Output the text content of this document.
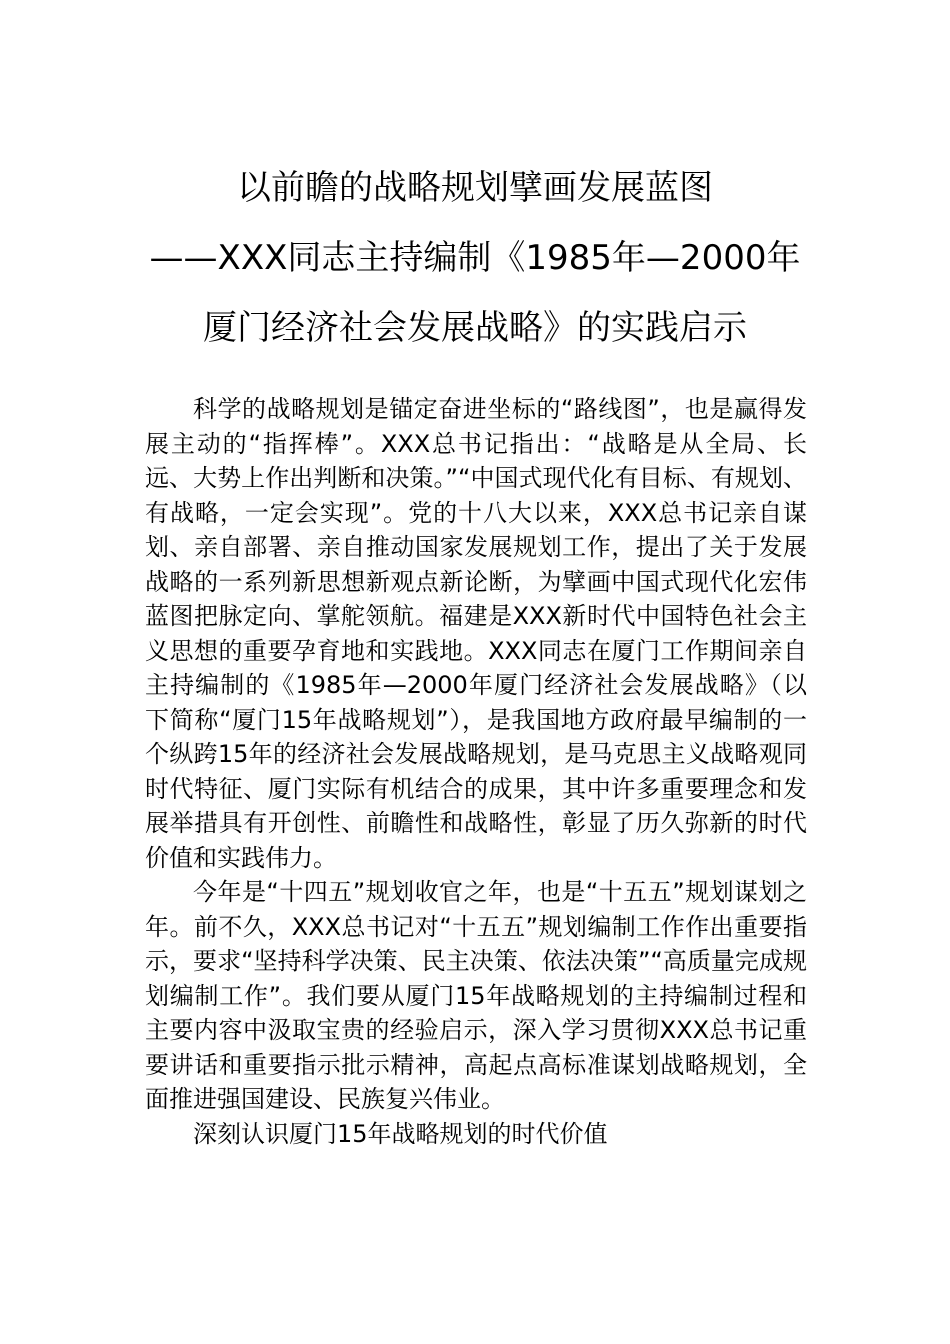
以前瞻的战略规划擘画发展蓝图
——XXX同志主持编制《1985年—2000年
厦门经济社会发展战略》的实践启示

科学的战略规划是锚定奋进坐标的“路线图”，也是赢得发展主动的“指挥棒”。XXX总书记指出：“战略是从全局、长远、大势上作出判断和决策。”“中国式现代化有目标、有规划、有战略，一定会实现”。党的十八大以来，XXX总书记亲自谋划、亲自部署、亲自推动国家发展规划工作，提出了关于发展战略的一系列新思想新观点新论断，为擘画中国式现代化宏伟蓝图把脉定向、掌舵领航。福建是XXX新时代中国特色社会主义思想的重要孕育地和实践地。XXX同志在厦门工作期间亲自主持编制的《1985年—2000年厦门经济社会发展战略》（以下简称“厦门15年战略规划”），是我国地方政府最早编制的一个纵跨15年的经济社会发展战略规划，是马克思主义战略观同时代特征、厦门实际有机结合的成果，其中许多重要理念和发展举措具有开创性、前瞻性和战略性，彰显了历久弥新的时代价值和实践伟力。

今年是“十四五”规划收官之年，也是“十五五”规划谋划之年。前不久，XXX总书记对“十五五”规划编制工作作出重要指示，要求“坚持科学决策、民主决策、依法决策”“高质量完成规划编制工作”。我们要从厦门15年战略规划的主持编制过程和主要内容中汲取宝贵的经验启示，深入学习贯彻XXX总书记重要讲话和重要指示批示精神，高起点高标准谋划战略规划，全面推进强国建设、民族复兴伟业。

深刻认识厦门15年战略规划的时代价值
